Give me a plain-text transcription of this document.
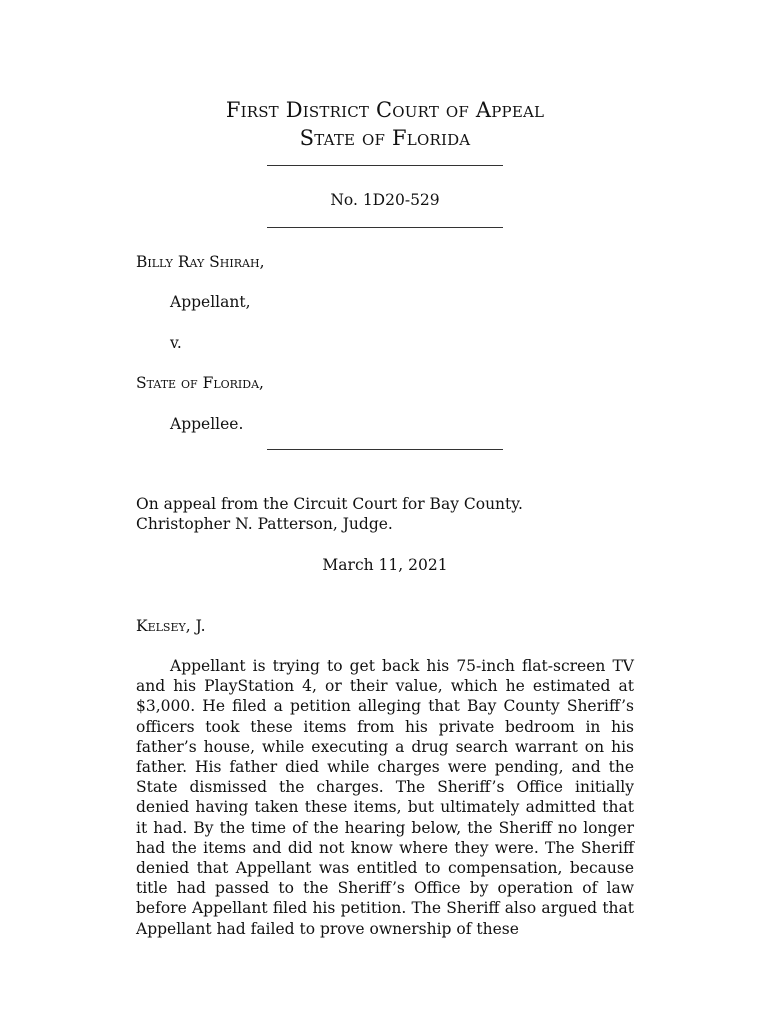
First District Court of Appeal
State of Florida
No. 1D20-529
Billy Ray Shirah,
Appellant,
v.
State of Florida,
Appellee.
On appeal from the Circuit Court for Bay County.
Christopher N. Patterson, Judge.
March 11, 2021
Kelsey, J.

Appellant is trying to get back his 75-inch flat-screen TV and his PlayStation 4, or their value, which he estimated at $3,000. He filed a petition alleging that Bay County Sheriff’s officers took these items from his private bedroom in his father’s house, while executing a drug search warrant on his father. His father died while charges were pending, and the State dismissed the charges. The Sheriff’s Office initially denied having taken these items, but ultimately admitted that it had. By the time of the hearing below, the Sheriff no longer had the items and did not know where they were. The Sheriff denied that Appellant was entitled to compensation, because title had passed to the Sheriff’s Office by operation of law before Appellant filed his petition. The Sheriff also argued that Appellant had failed to prove ownership of these
